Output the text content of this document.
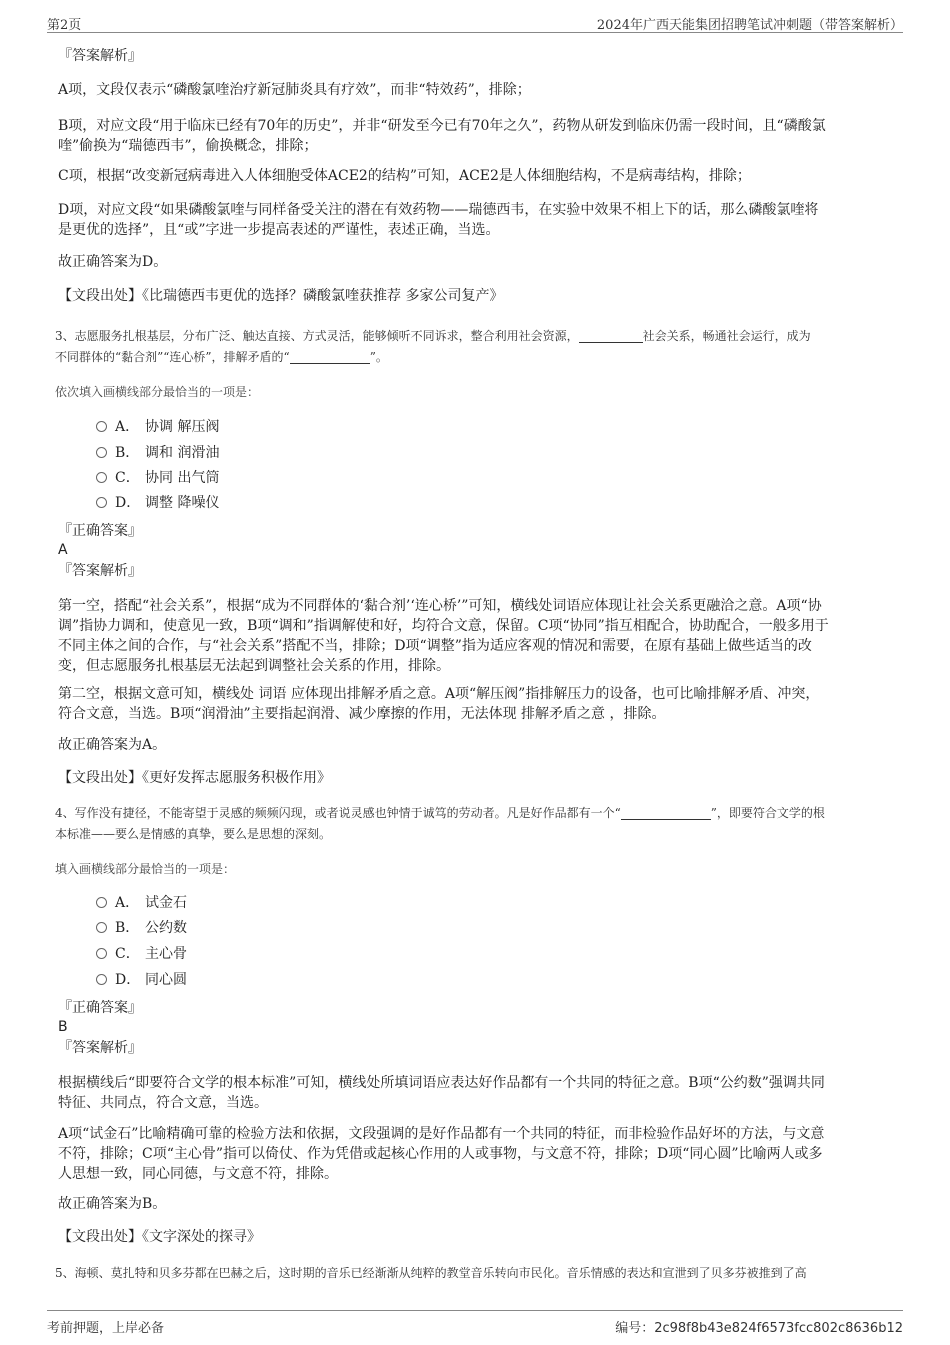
第2页	2024年广西天能集团招聘笔试冲刺题（带答案解析）
『答案解析』
A项，文段仅表示“磷酸氯喹治疗新冠肺炎具有疗效”，而非“特效药”，排除；
B项，对应文段“用于临床已经有70年的历史”，并非“研发至今已有70年之久”，药物从研发到临床仍需一段时间，且“磷酸氯
喹”偷换为“瑞德西韦”，偷换概念，排除；
C项，根据“改变新冠病毒进入人体细胞受体ACE2的结构”可知，ACE2是人体细胞结构，不是病毒结构，排除；
D项，对应文段“如果磷酸氯喹与同样备受关注的潜在有效药物——瑞德西韦，在实验中效果不相上下的话，那么磷酸氯喹将
是更优的选择”，且“或”字进一步提高表述的严谨性，表述正确，当选。
故正确答案为D。
【文段出处】《比瑞德西韦更优的选择？磷酸氯喹获推荐 多家公司复产》
3、志愿服务扎根基层，分布广泛、触达直接、方式灵活，能够倾听不同诉求，整合利用社会资源，	社会关系，畅通社会运行，成为
不同群体的“黏合剂”“连心桥”，排解矛盾的“	”。
依次填入画横线部分最恰当的一项是：
A． 协调 解压阀
B． 调和 润滑油
C． 协同 出气筒
D． 调整 降噪仪
『正确答案』
A
『答案解析』
第一空，搭配“社会关系”，根据“成为不同群体的‘黏合剂’‘连心桥’”可知，横线处词语应体现让社会关系更融洽之意。A项“协
调”指协力调和，使意见一致，B项“调和”指调解使和好，均符合文意，保留。C项“协同”指互相配合，协助配合，一般多用于
不同主体之间的合作，与“社会关系”搭配不当，排除；D项“调整”指为适应客观的情况和需要，在原有基础上做些适当的改
变，但志愿服务扎根基层无法起到调整社会关系的作用，排除。
第二空，根据文意可知，横线处 词语 应体现出排解矛盾之意。A项“解压阀”指排解压力的设备，也可比喻排解矛盾、冲突，
符合文意，当选。B项“润滑油”主要指起润滑、减少摩擦的作用，无法体现 排解矛盾之意 ，排除。
故正确答案为A。
【文段出处】《更好发挥志愿服务积极作用》
4、写作没有捷径，不能寄望于灵感的频频闪现，或者说灵感也钟情于诚笃的劳动者。凡是好作品都有一个“	”，即要符合文学的根
本标准——要么是情感的真挚，要么是思想的深刻。
填入画横线部分最恰当的一项是：
A． 试金石
B． 公约数
C． 主心骨
D． 同心圆
『正确答案』
B
『答案解析』
根据横线后“即要符合文学的根本标准”可知，横线处所填词语应表达好作品都有一个共同的特征之意。B项“公约数”强调共同
特征、共同点，符合文意，当选。
A项“试金石”比喻精确可靠的检验方法和依据，文段强调的是好作品都有一个共同的特征，而非检验作品好坏的方法，与文意
不符，排除；C项“主心骨”指可以倚仗、作为凭借或起核心作用的人或事物，与文意不符，排除；D项“同心圆”比喻两人或多
人思想一致，同心同德，与文意不符，排除。
故正确答案为B。
【文段出处】《文字深处的探寻》
5、海顿、莫扎特和贝多芬都在巴赫之后，这时期的音乐已经渐渐从纯粹的教堂音乐转向市民化。音乐情感的表达和宣泄到了贝多芬被推到了高
考前押题，上岸必备	编号：2c98f8b43e824f6573fcc802c8636b12
